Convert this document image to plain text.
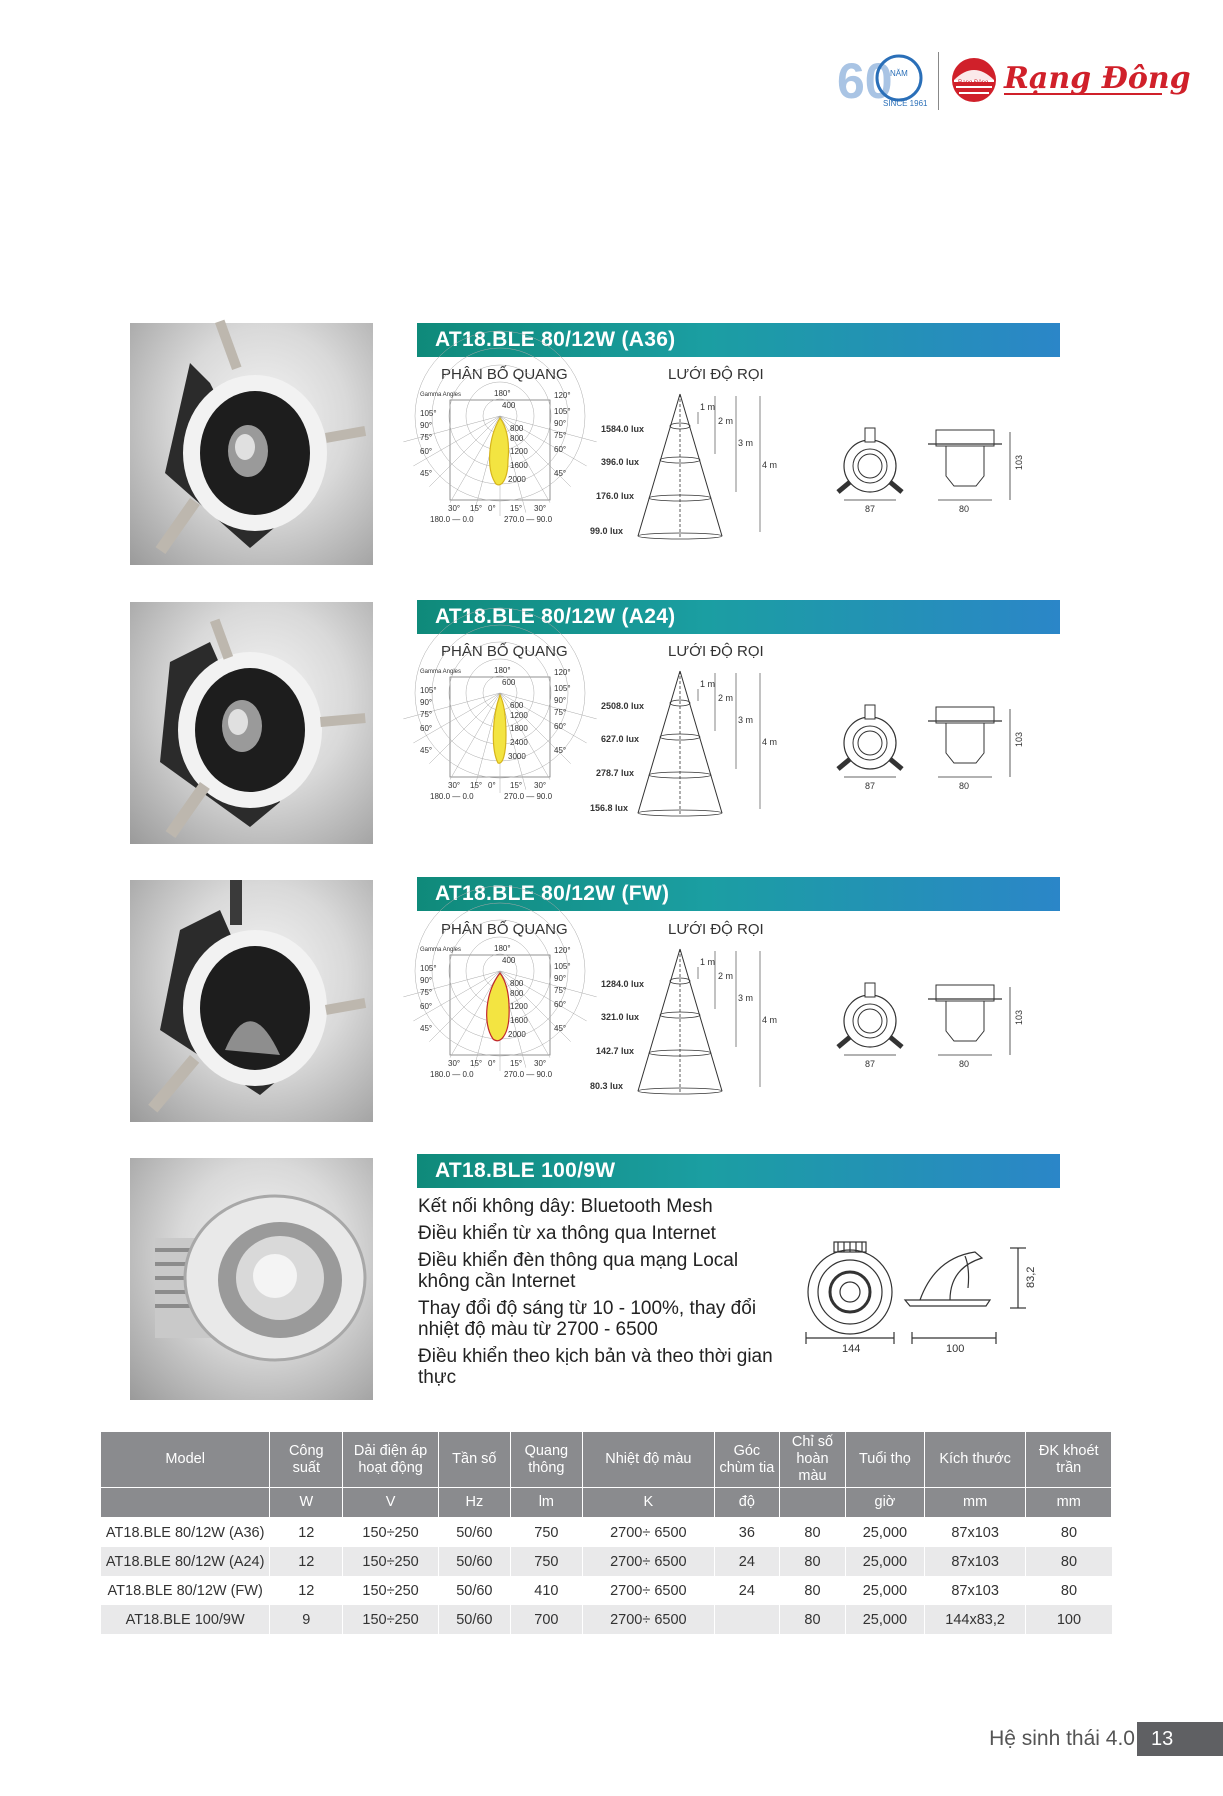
60
NĂM
SINCE 1961
Rạng Đông Rạng Đông
AT18.BLE 80/12W (A36)
AT18.BLE 80/12W (A24)
AT18.BLE 80/12W (FW)
AT18.BLE 100/9W
PHÂN BỐ QUANG	LƯỚI ĐỘ RỌI
PHÂN BỐ QUANG	LƯỚI ĐỘ RỌI
PHÂN BỐ QUANG	LƯỚI ĐỘ RỌI
Gamma Angles	180°
105°
90°
75°
60°
45°
120°
105°
90°
75°
60°
45°
30° 15° 0° 15° 30°
400
800
800
1200
1600
2000
180.0 — 0.0	270.0 — 90.0
1584.0 lux
396.0 lux
176.0 lux
99.0 lux
1 m
2 m
3 m
4 m
87	80
103
Gamma Angles	180°
105°
90°
75°
60°
45°
120°
105°
90°
75°
60°
45°
30° 15° 0° 15° 30°
600
600
1200
1800
2400
3000
180.0 — 0.0	270.0 — 90.0
2508.0 lux
627.0 lux
278.7 lux
156.8 lux
1 m
2 m
3 m
4 m
87	80
103
Gamma Angles	180°
105°
90°
75°
60°
45°
120°
105°
90°
75°
60°
45°
30° 15° 0° 15° 30°
400
800
800
1200
1600
2000
180.0 — 0.0	270.0 — 90.0
1284.0 lux
321.0 lux
142.7 lux
80.3 lux
1 m
2 m
3 m
4 m
87	80
103

Kết nối không dây: Bluetooth Mesh

Điều khiển từ xa thông qua Internet

Điều khiển đèn thông qua mạng Local không cần Internet

Thay đổi độ sáng từ 10 - 100%, thay đổi nhiệt độ màu từ 2700 - 6500

Điều khiển theo kịch bản và theo thời gian thực

144	100
83,2
Model	Công suất	Dải điện áp hoạt động	Tần số	Quang thông	Nhiệt độ màu	Góc chùm tia	Chỉ số hoàn màu	Tuổi thọ	Kích thước	ĐK khoét trần
	W	V	Hz	lm	K	độ		giờ	mm	mm
AT18.BLE 80/12W (A36)	12	150÷250	50/60	750	2700÷ 6500	36	80	25,000	87x103	80
AT18.BLE 80/12W (A24)	12	150÷250	50/60	750	2700÷ 6500	24	80	25,000	87x103	80
AT18.BLE 80/12W (FW)	12	150÷250	50/60	410	2700÷ 6500	24	80	25,000	87x103	80
AT18.BLE 100/9W	9	150÷250	50/60	700	2700÷ 6500		80	25,000	144x83,2	100
Hệ sinh thái 4.0 13
